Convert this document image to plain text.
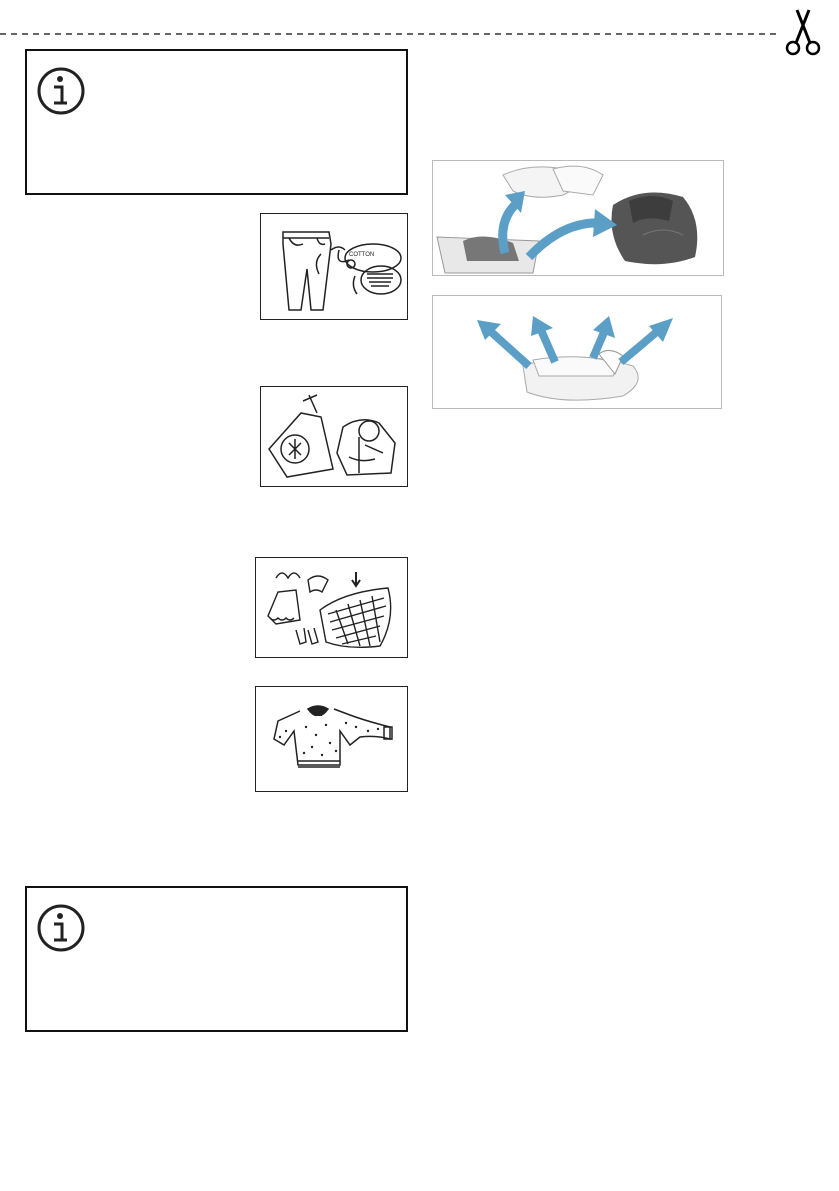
COTTON
